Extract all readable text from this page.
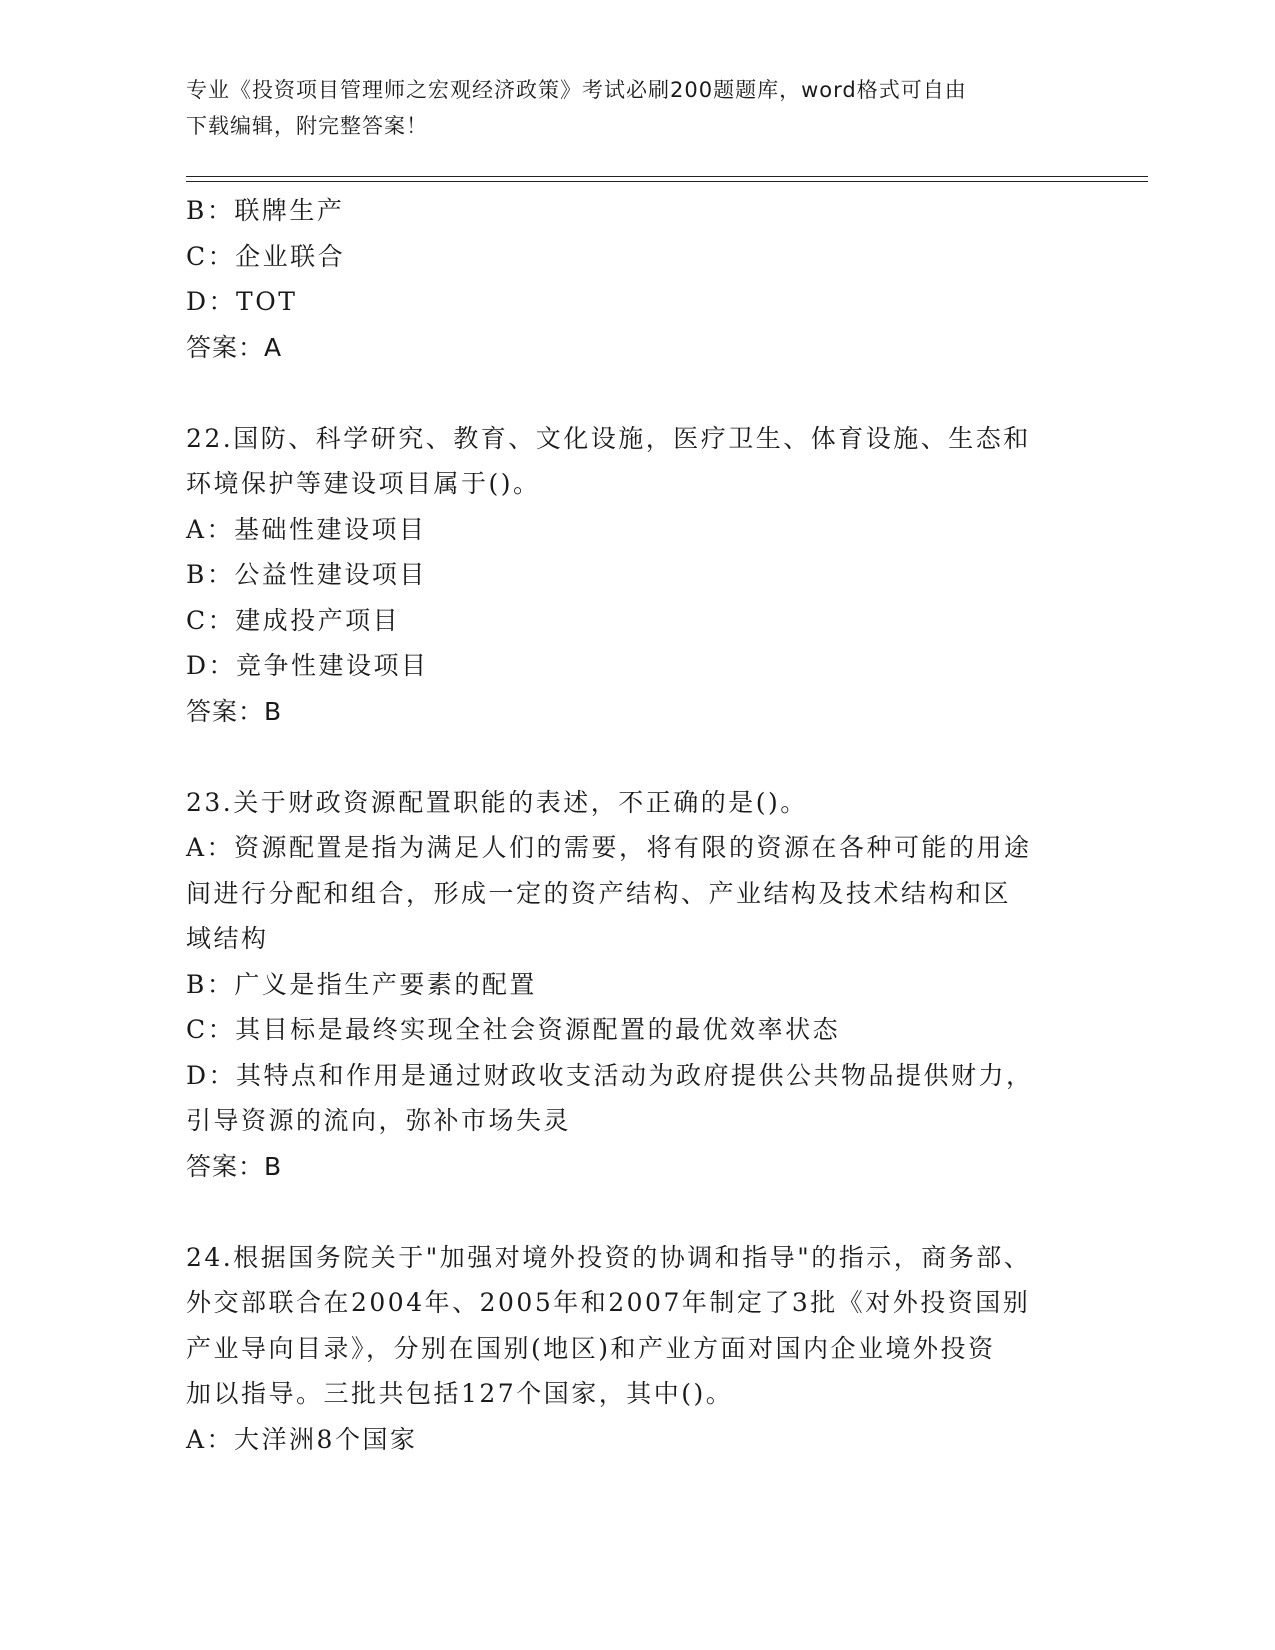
专业《投资项目管理师之宏观经济政策》考试必刷200题题库，word格式可自由
下载编辑，附完整答案！
B：联牌生产
C：企业联合
D：TOT
答案：A
22.国防、科学研究、教育、文化设施，医疗卫生、体育设施、生态和
环境保护等建设项目属于()。
A：基础性建设项目
B：公益性建设项目
C：建成投产项目
D：竞争性建设项目
答案：B
23.关于财政资源配置职能的表述，不正确的是()。
A：资源配置是指为满足人们的需要，将有限的资源在各种可能的用途
间进行分配和组合，形成一定的资产结构、产业结构及技术结构和区
域结构
B：广义是指生产要素的配置
C：其目标是最终实现全社会资源配置的最优效率状态
D：其特点和作用是通过财政收支活动为政府提供公共物品提供财力，
引导资源的流向，弥补市场失灵
答案：B
24.根据国务院关于"加强对境外投资的协调和指导"的指示，商务部、
外交部联合在2004年、2005年和2007年制定了3批《对外投资国别
产业导向目录》，分别在国别(地区)和产业方面对国内企业境外投资
加以指导。三批共包括127个国家，其中()。
A：大洋洲8个国家
